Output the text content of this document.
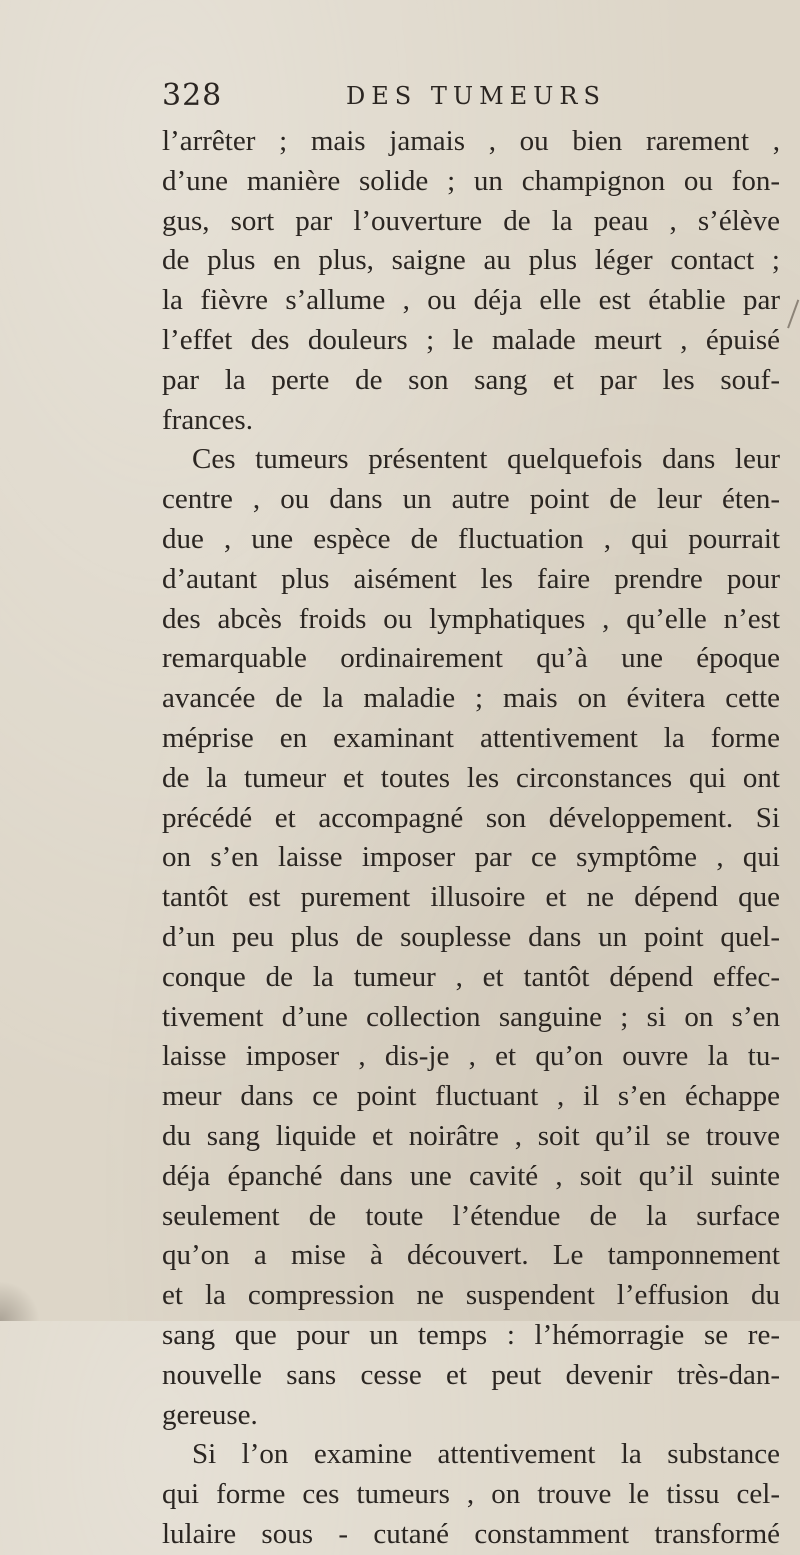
328	DES TUMEURS
l’arrêter ; mais jamais , ou bien rarement ,
d’une manière solide ; un champignon ou fon-
gus, sort par l’ouverture de la peau , s’élève
de plus en plus, saigne au plus léger contact ;
la fièvre s’allume , ou déja elle est établie par
l’effet des douleurs ; le malade meurt , épuisé
par la perte de son sang et par les souf-
frances.
Ces tumeurs présentent quelquefois dans leur
centre , ou dans un autre point de leur éten-
due , une espèce de fluctuation , qui pourrait
d’autant plus aisément les faire prendre pour
des abcès froids ou lymphatiques , qu’elle n’est
remarquable ordinairement qu’à une époque
avancée de la maladie ; mais on évitera cette
méprise en examinant attentivement la forme
de la tumeur et toutes les circonstances qui ont
précédé et accompagné son développement. Si
on s’en laisse imposer par ce symptôme , qui
tantôt est purement illusoire et ne dépend que
d’un peu plus de souplesse dans un point quel-
conque de la tumeur , et tantôt dépend effec-
tivement d’une collection sanguine ; si on s’en
laisse imposer , dis-je , et qu’on ouvre la tu-
meur dans ce point fluctuant , il s’en échappe
du sang liquide et noirâtre , soit qu’il se trouve
déja épanché dans une cavité , soit qu’il suinte
seulement de toute l’étendue de la surface
qu’on a mise à découvert. Le tamponnement
et la compression ne suspendent l’effusion du
sang que pour un temps : l’hémorragie se re-
nouvelle sans cesse et peut devenir très-dan-
gereuse.
Si l’on examine attentivement la substance
qui forme ces tumeurs , on trouve le tissu cel-
lulaire sous - cutané constamment transformé
